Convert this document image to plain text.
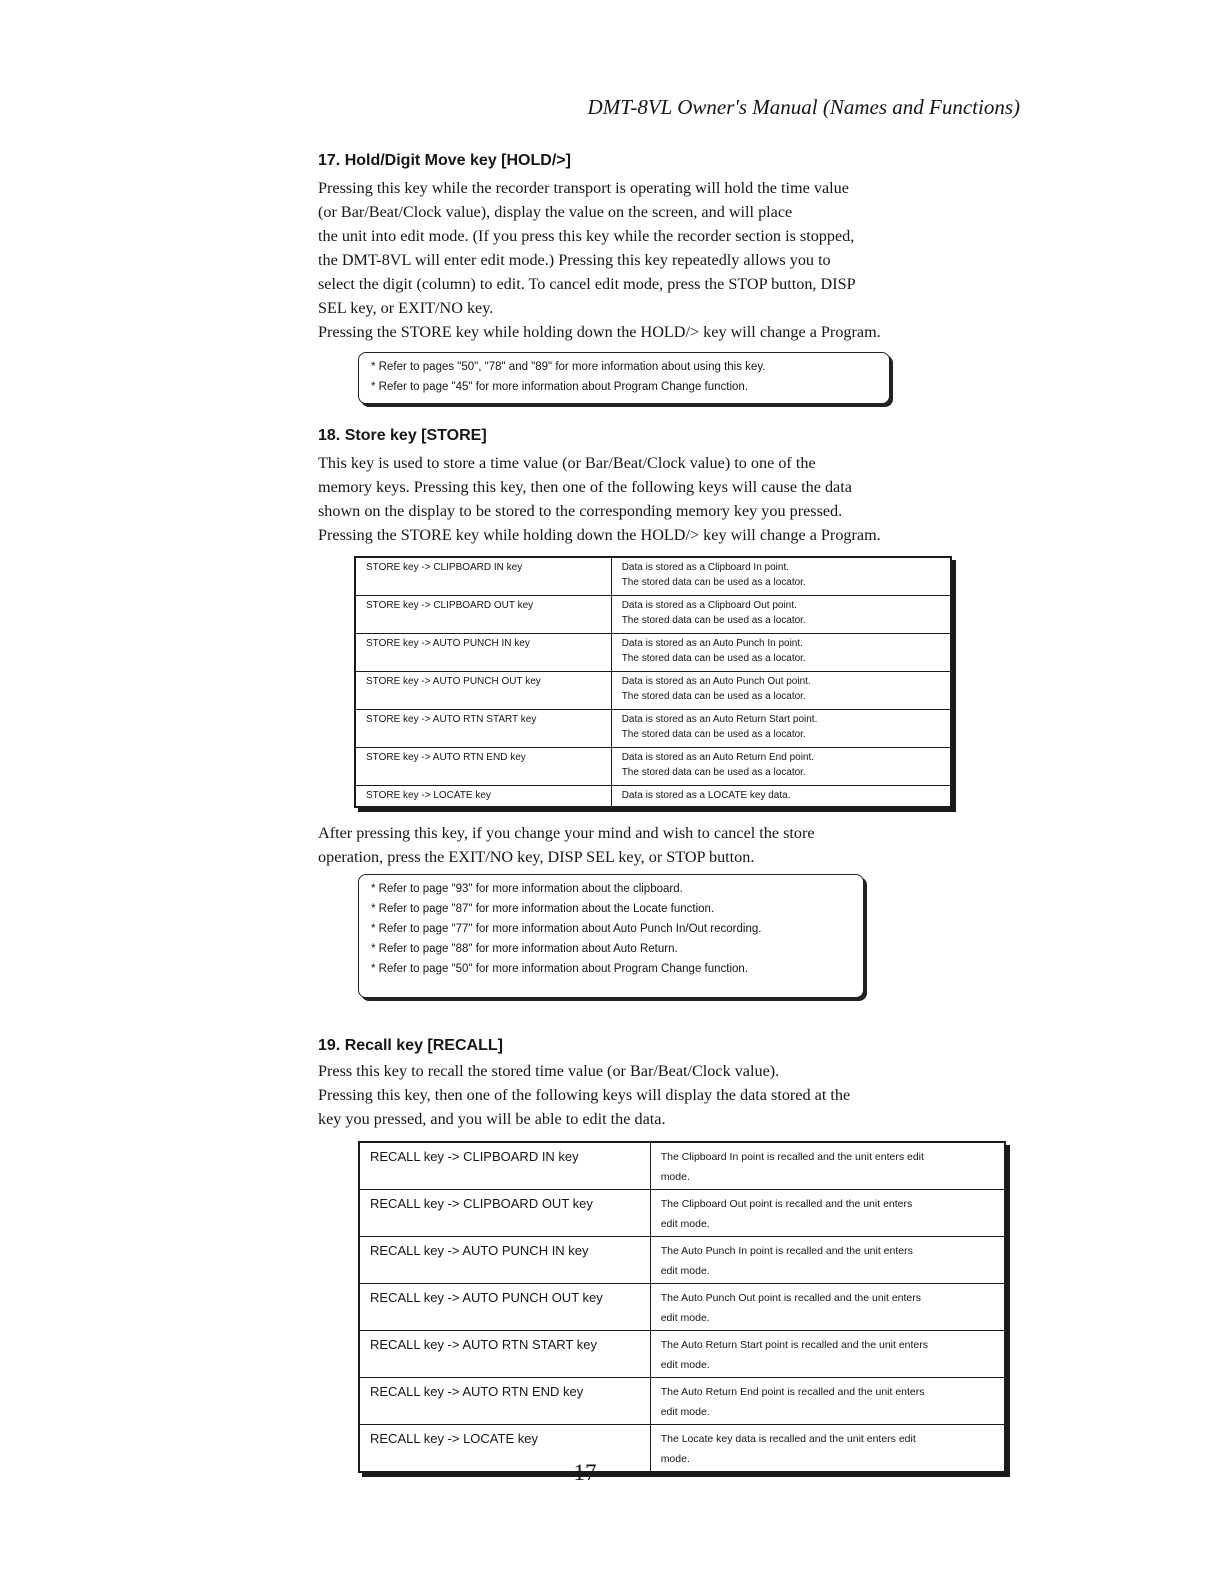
DMT-8VL Owner's Manual (Names and Functions)
17. Hold/Digit Move key [HOLD/>]
Pressing this key while the recorder transport is operating will hold the time value
(or Bar/Beat/Clock value), display the value on the screen, and will place
the unit into edit mode. (If you press this key while the recorder section is stopped,
the DMT-8VL will enter edit mode.) Pressing this key repeatedly allows you to
select the digit (column) to edit. To cancel edit mode, press the STOP button, DISP
SEL key, or EXIT/NO key.
Pressing the STORE key while holding down the HOLD/> key will change a Program.
* Refer to pages "50", "78" and "89" for more information about using this key.
* Refer to page "45" for more information about Program Change function.
18. Store key [STORE]
This key is used to store a time value (or Bar/Beat/Clock value) to one of the
memory keys. Pressing this key, then one of the following keys will cause the data
shown on the display to be stored to the corresponding memory key you pressed.
Pressing the STORE key while holding down the HOLD/> key will change a Program.
STORE key -> CLIPBOARD IN key	Data is stored as a Clipboard In point.
The stored data can be used as a locator.

STORE key -> CLIPBOARD OUT key	Data is stored as a Clipboard Out point.
The stored data can be used as a locator.

STORE key -> AUTO PUNCH IN key	Data is stored as an Auto Punch In point.
The stored data can be used as a locator.

STORE key -> AUTO PUNCH OUT key	Data is stored as an Auto Punch Out point.
The stored data can be used as a locator.

STORE key -> AUTO RTN START key	Data is stored as an Auto Return Start point.
The stored data can be used as a locator.

STORE key -> AUTO RTN END key	Data is stored as an Auto Return End point.
The stored data can be used as a locator.

STORE key -> LOCATE key	Data is stored as a LOCATE key data.
After pressing this key, if you change your mind and wish to cancel the store
operation, press the EXIT/NO key, DISP SEL key, or STOP button.
* Refer to page "93" for more information about the clipboard.
* Refer to page "87" for more information about the Locate function.
* Refer to page "77" for more information about Auto Punch In/Out recording.
* Refer to page "88" for more information about Auto Return.
* Refer to page "50" for more information about Program Change function.
19. Recall key [RECALL]
Press this key to recall the stored time value (or Bar/Beat/Clock value).
Pressing this key, then one of the following keys will display the data stored at the
key you pressed, and you will be able to edit the data.
RECALL key -> CLIPBOARD IN key	The Clipboard In point is recalled and the unit enters edit
mode.

RECALL key -> CLIPBOARD OUT key	The Clipboard Out point is recalled and the unit enters
edit mode.

RECALL key -> AUTO PUNCH IN key	The Auto Punch In point is recalled and the unit enters
edit mode.

RECALL key -> AUTO PUNCH OUT key	The Auto Punch Out point is recalled and the unit enters
edit mode.

RECALL key -> AUTO RTN START key	The Auto Return Start point is recalled and the unit enters
edit mode.

RECALL key -> AUTO RTN END key	The Auto Return End point is recalled and the unit enters
edit mode.

RECALL key -> LOCATE key	The Locate key data is recalled and the unit enters edit
mode.
17
